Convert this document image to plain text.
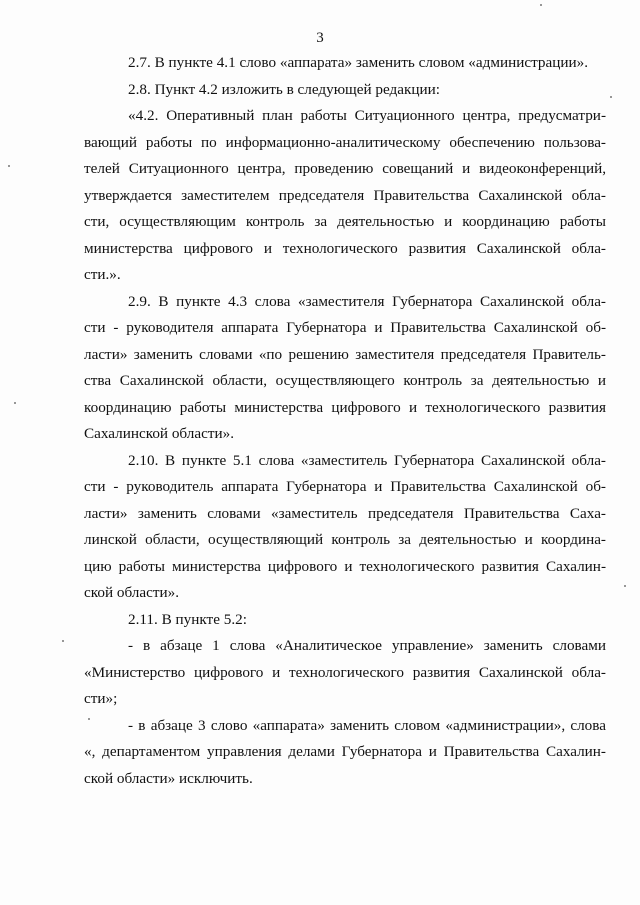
3
2.7. В пункте 4.1 слово «аппарата» заменить словом «администрации».
2.8. Пункт 4.2 изложить в следующей редакции:
«4.2. Оперативный план работы Ситуационного центра, предусматри-
вающий работы по информационно-аналитическому обеспечению пользова-
телей Ситуационного центра, проведению совещаний и видеоконференций,
утверждается заместителем председателя Правительства Сахалинской обла-
сти, осуществляющим контроль за деятельностью и координацию работы
министерства цифрового и технологического развития Сахалинской обла-
сти.».
2.9. В пункте 4.3 слова «заместителя Губернатора Сахалинской обла-
сти - руководителя аппарата Губернатора и Правительства Сахалинской об-
ласти» заменить словами «по решению заместителя председателя Правитель-
ства Сахалинской области, осуществляющего контроль за деятельностью и
координацию работы министерства цифрового и технологического развития
Сахалинской области».
2.10. В пункте 5.1 слова «заместитель Губернатора Сахалинской обла-
сти - руководитель аппарата Губернатора и Правительства Сахалинской об-
ласти» заменить словами «заместитель председателя Правительства Саха-
линской области, осуществляющий контроль за деятельностью и координа-
цию работы министерства цифрового и технологического развития Сахалин-
ской области».
2.11. В пункте 5.2:
- в абзаце 1 слова «Аналитическое управление» заменить словами
«Министерство цифрового и технологического развития Сахалинской обла-
сти»;
- в абзаце 3 слово «аппарата» заменить словом «администрации», слова
«, департаментом управления делами Губернатора и Правительства Сахалин-
ской области» исключить.
